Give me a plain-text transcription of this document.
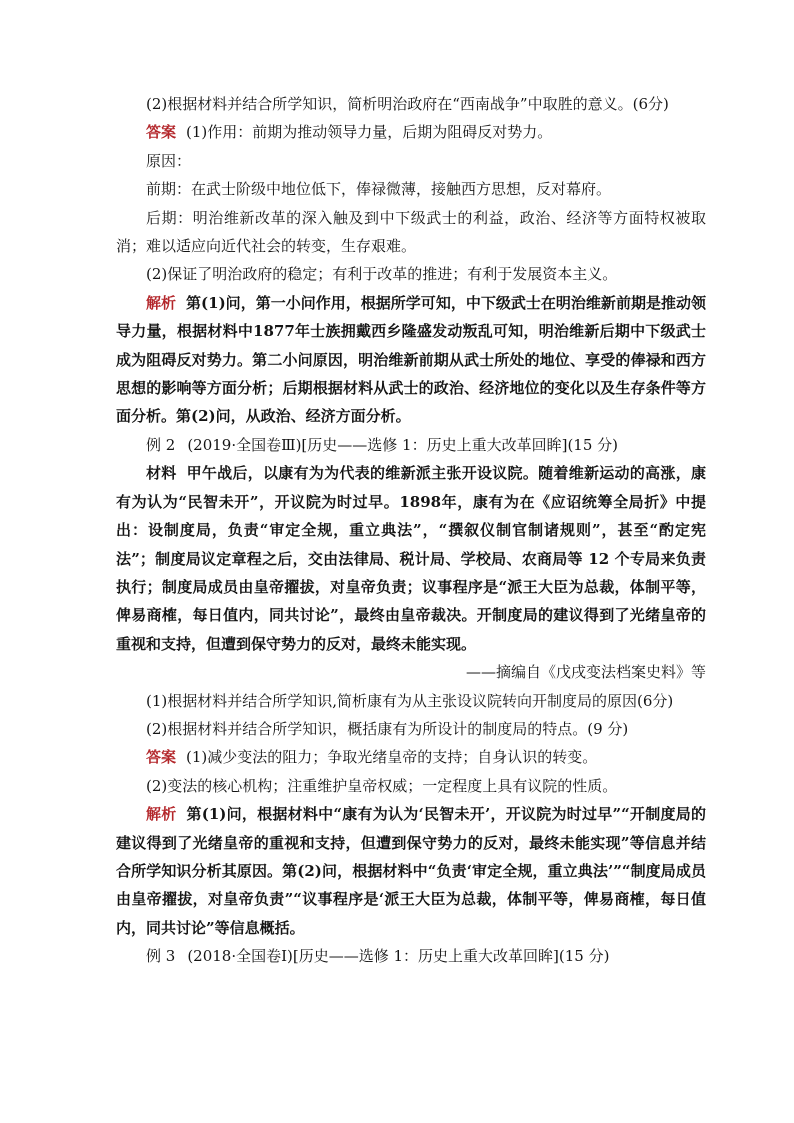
(2)根据材料并结合所学知识，简析明治政府在“西南战争”中取胜的意义。(6分)

答案 (1)作用：前期为推动领导力量，后期为阻碍反对势力。

原因：

前期：在武士阶级中地位低下，俸禄微薄，接触西方思想，反对幕府。

后期：明治维新改革的深入触及到中下级武士的利益，政治、经济等方面特权被取消；难以适应向近代社会的转变，生存艰难。

(2)保证了明治政府的稳定；有利于改革的推进；有利于发展资本主义。

解析 第(1)问，第一小问作用，根据所学可知，中下级武士在明治维新前期是推动领导力量，根据材料中1877年士族拥戴西乡隆盛发动叛乱可知，明治维新后期中下级武士成为阻碍反对势力。第二小问原因，明治维新前期从武士所处的地位、享受的俸禄和西方思想的影响等方面分析；后期根据材料从武士的政治、经济地位的变化以及生存条件等方面分析。第(2)问，从政治、经济方面分析。

例 2 (2019·全国卷Ⅲ)[历史——选修 1：历史上重大改革回眸](15 分)

材料 甲午战后，以康有为为代表的维新派主张开设议院。随着维新运动的高涨，康有为认为“民智未开”，开议院为时过早。1898年，康有为在《应诏统筹全局折》中提出：设制度局，负责“审定全规，重立典法”，“撰叙仪制官制诸规则”，甚至“酌定宪法”；制度局议定章程之后，交由法律局、税计局、学校局、农商局等 12 个专局来负责执行；制度局成员由皇帝擢拔，对皇帝负责；议事程序是“派王大臣为总裁，体制平等，俾易商榷，每日值内，同共讨论”，最终由皇帝裁决。开制度局的建议得到了光绪皇帝的重视和支持，但遭到保守势力的反对，最终未能实现。

——摘编自《戊戌变法档案史料》等

(1)根据材料并结合所学知识,简析康有为从主张设议院转向开制度局的原因(6分)

(2)根据材料并结合所学知识，概括康有为所设计的制度局的特点。(9 分)

答案 (1)减少变法的阻力；争取光绪皇帝的支持；自身认识的转变。

(2)变法的核心机构；注重维护皇帝权威；一定程度上具有议院的性质。

解析 第(1)问，根据材料中“康有为认为‘民智未开’，开议院为时过早”“开制度局的建议得到了光绪皇帝的重视和支持，但遭到保守势力的反对，最终未能实现”等信息并结合所学知识分析其原因。第(2)问，根据材料中“负责‘审定全规，重立典法’”“制度局成员由皇帝擢拔，对皇帝负责”“议事程序是‘派王大臣为总裁，体制平等，俾易商榷，每日值内，同共讨论”等信息概括。

例 3 (2018·全国卷Ⅰ)[历史——选修 1：历史上重大改革回眸](15 分)
